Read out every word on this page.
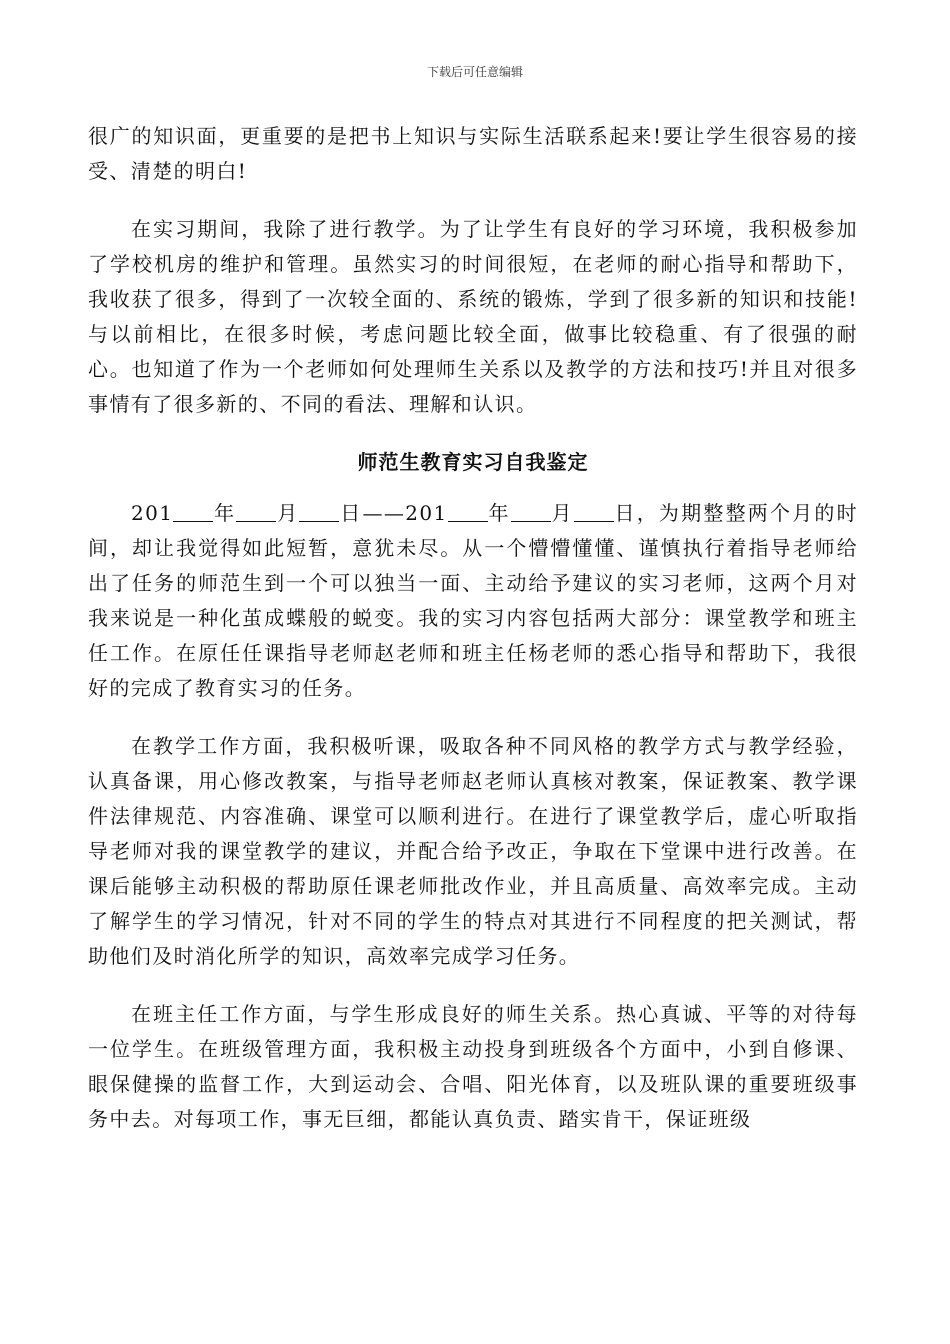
下载后可任意编辑

很广的知识面，更重要的是把书上知识与实际生活联系起来!要让学生很容易的接受、清楚的明白!

在实习期间，我除了进行教学。为了让学生有良好的学习环境，我积极参加了学校机房的维护和管理。虽然实习的时间很短，在老师的耐心指导和帮助下，我收获了很多，得到了一次较全面的、系统的锻炼，学到了很多新的知识和技能!与以前相比，在很多时候，考虑问题比较全面，做事比较稳重、有了很强的耐心。也知道了作为一个老师如何处理师生关系以及教学的方法和技巧!并且对很多事情有了很多新的、不同的看法、理解和认识。

师范生教育实习自我鉴定

201 年 月 日——201 年 月 日，为期整整两个月的时间，却让我觉得如此短暂，意犹未尽。从一个懵懵懂懂、谨慎执行着指导老师给出了任务的师范生到一个可以独当一面、主动给予建议的实习老师，这两个月对我来说是一种化茧成蝶般的蜕变。我的实习内容包括两大部分：课堂教学和班主任工作。在原任任课指导老师赵老师和班主任杨老师的悉心指导和帮助下，我很好的完成了教育实习的任务。

在教学工作方面，我积极听课，吸取各种不同风格的教学方式与教学经验，认真备课，用心修改教案，与指导老师赵老师认真核对教案，保证教案、教学课件法律规范、内容准确、课堂可以顺利进行。在进行了课堂教学后，虚心听取指导老师对我的课堂教学的建议，并配合给予改正，争取在下堂课中进行改善。在课后能够主动积极的帮助原任课老师批改作业，并且高质量、高效率完成。主动了解学生的学习情况，针对不同的学生的特点对其进行不同程度的把关测试，帮助他们及时消化所学的知识，高效率完成学习任务。

在班主任工作方面，与学生形成良好的师生关系。热心真诚、平等的对待每一位学生。在班级管理方面，我积极主动投身到班级各个方面中，小到自修课、眼保健操的监督工作，大到运动会、合唱、阳光体育，以及班队课的重要班级事务中去。对每项工作，事无巨细，都能认真负责、踏实肯干，保证班级
